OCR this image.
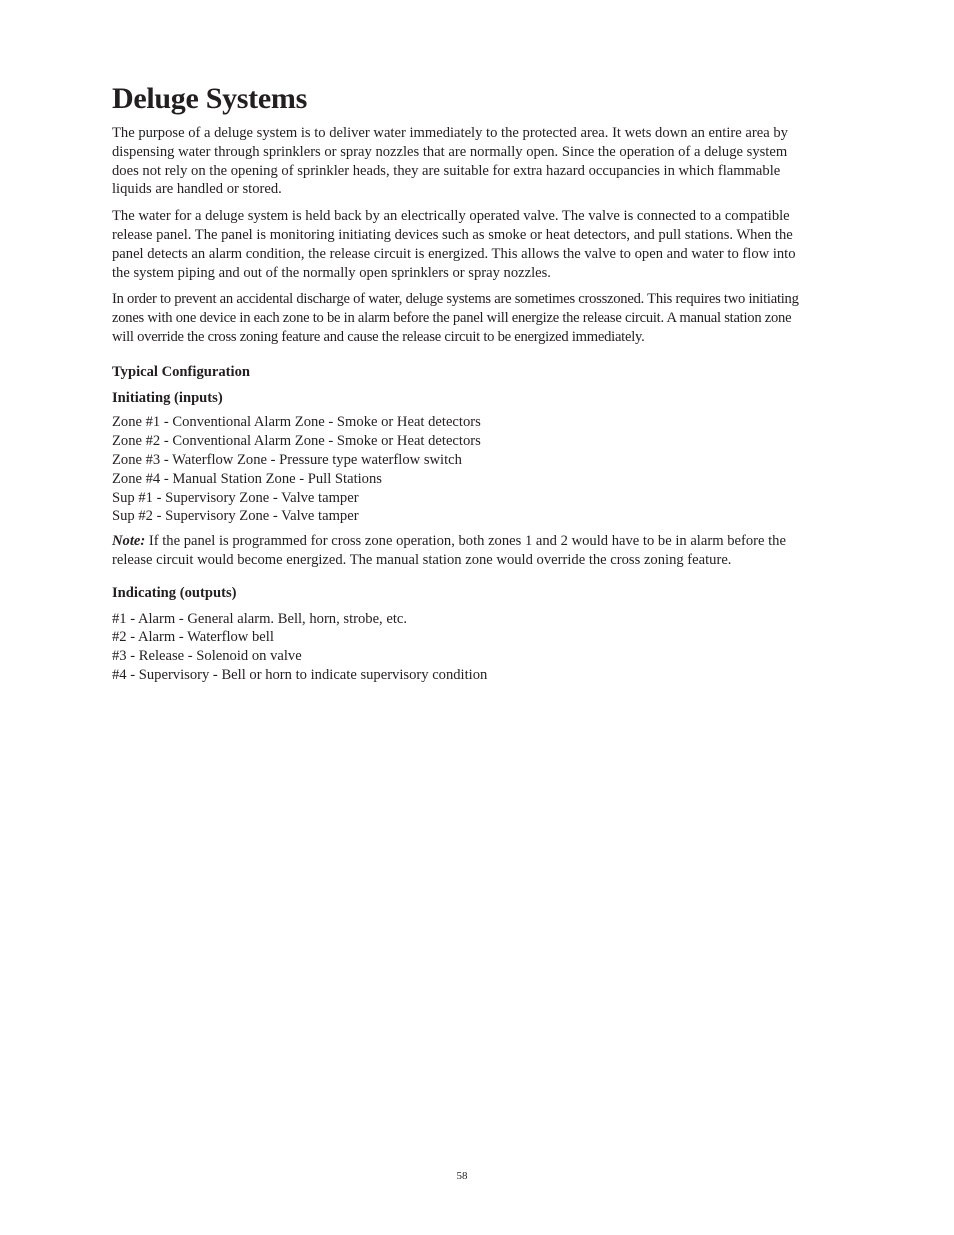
Deluge Systems

The purpose of a deluge system is to deliver water immediately to the protected area. It wets down an entire area by dispensing water through sprinklers or spray nozzles that are normally open. Since the operation of a deluge system does not rely on the opening of sprinkler heads, they are suitable for extra hazard occupancies in which flammable liquids are handled or stored.

The water for a deluge system is held back by an electrically operated valve. The valve is connected to a compatible release panel. The panel is monitoring initiating devices such as smoke or heat detectors, and pull stations. When the panel detects an alarm condition, the release circuit is energized. This allows the valve to open and water to flow into the system piping and out of the normally open sprinklers or spray nozzles.

In order to prevent an accidental discharge of water, deluge systems are sometimes crosszoned. This requires two initiating zones with one device in each zone to be in alarm before the panel will energize the release circuit. A manual station zone will override the cross zoning feature and cause the release circuit to be energized immediately.

Typical Configuration
Initiating (inputs)
Zone #1 - Conventional Alarm Zone - Smoke or Heat detectors
Zone #2 - Conventional Alarm Zone - Smoke or Heat detectors
Zone #3 - Waterflow Zone - Pressure type waterflow switch
Zone #4 - Manual Station Zone - Pull Stations
Sup #1 - Supervisory Zone - Valve tamper
Sup #2 - Supervisory Zone - Valve tamper

Note: If the panel is programmed for cross zone operation, both zones 1 and 2 would have to be in alarm before the release circuit would become energized. The manual station zone would override the cross zoning feature.

Indicating (outputs)
#1 - Alarm - General alarm. Bell, horn, strobe, etc.
#2 - Alarm - Waterflow bell
#3 - Release - Solenoid on valve
#4 - Supervisory - Bell or horn to indicate supervisory condition
58
